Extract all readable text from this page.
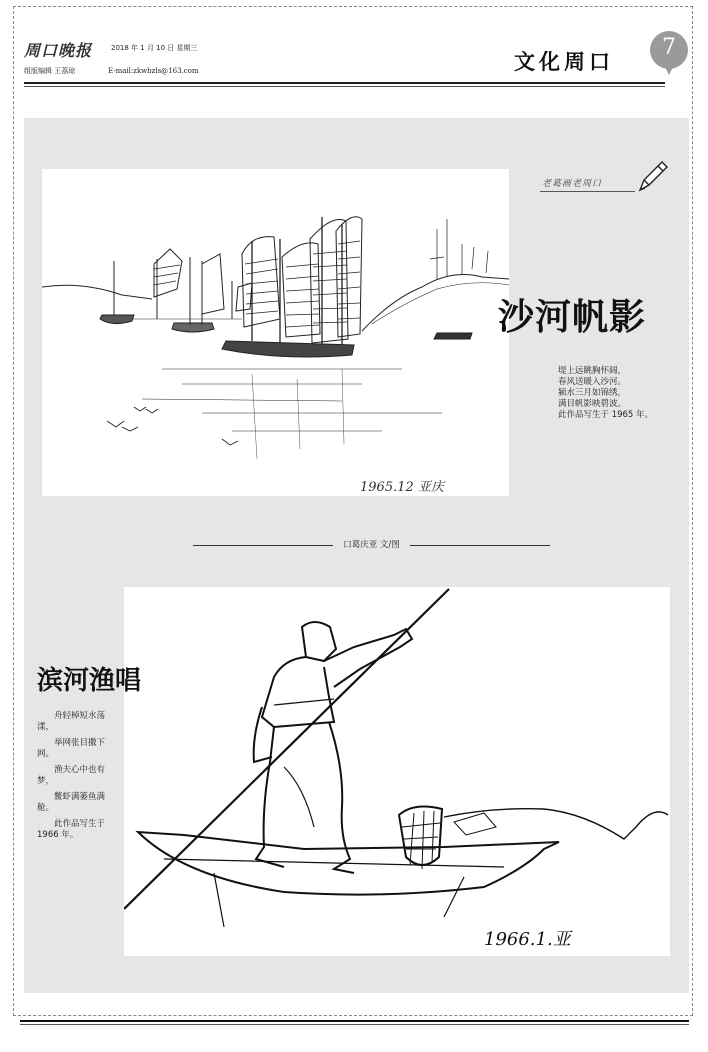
周口晚报	2018 年 1 月 10 日 星期三
组版编辑 王荔琼	E-mail:zkwbzls@163.com	文化周口
7
1965.12 亚庆
老葛画老周口
沙河帆影
堤上远眺胸怀阔，
春风送暖入沙河。
颍水三月如锦绣，
满目帆影映碧波。
此作品写生于 1965 年。
口葛庆亚 文/图
1966.1.亚
滨河渔唱

舟轻棹短水荡漾，

举网张目撒下网。

渔夫心中也有梦，

鳖虾满篓鱼满舱。

此作品写生于 1966 年。
